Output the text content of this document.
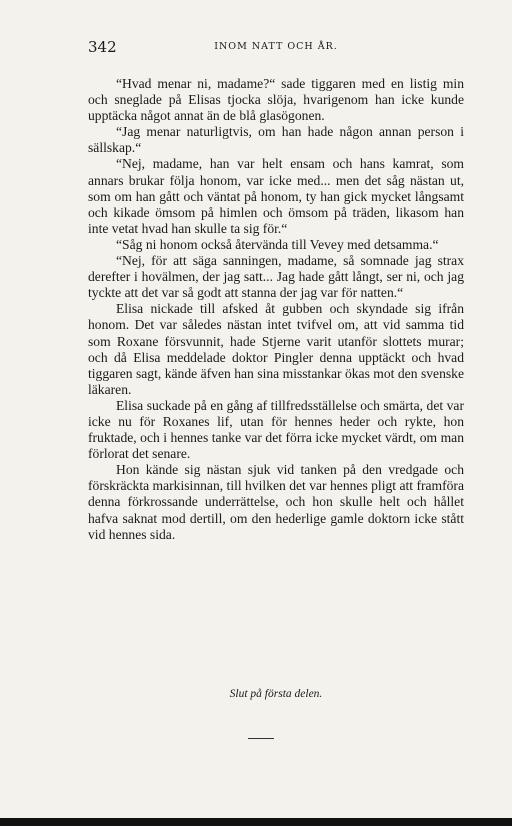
342	INOM NATT OCH ÅR.

“Hvad menar ni, madame?“ sade tiggaren med en listig min och sneglade på Elisas tjocka slöja, hvarigenom han icke kunde upptäcka något annat än de blå glasögonen.

“Jag menar naturligtvis, om han hade någon annan person i sällskap.“

“Nej, madame, han var helt ensam och hans kamrat, som annars brukar följa honom, var icke med... men det såg nästan ut, som om han gått och väntat på honom, ty han gick mycket långsamt och kikade ömsom på himlen och ömsom på träden, likasom han inte vetat hvad han skulle ta sig för.“

“Såg ni honom också återvända till Vevey med detsamma.“

“Nej, för att säga sanningen, madame, så somnade jag strax derefter i hovälmen, der jag satt... Jag hade gått långt, ser ni, och jag tyckte att det var så godt att stanna der jag var för natten.“

Elisa nickade till afsked åt gubben och skyndade sig ifrån honom. Det var således nästan intet tvifvel om, att vid samma tid som Roxane försvunnit, hade Stjerne varit utanför slottets murar; och då Elisa meddelade doktor Pingler denna upptäckt och hvad tiggaren sagt, kände äfven han sina misstankar ökas mot den svenske läkaren.

Elisa suckade på en gång af tillfredsställelse och smärta, det var icke nu för Roxanes lif, utan för hennes heder och rykte, hon fruktade, och i hennes tanke var det förra icke mycket värdt, om man förlorat det senare.

Hon kände sig nästan sjuk vid tanken på den vredgade och förskräckta markisinnan, till hvilken det var hennes pligt att framföra denna förkrossande underrättelse, och hon skulle helt och hållet hafva saknat mod dertill, om den hederlige gamle doktorn icke stått vid hennes sida.

Slut på första delen.
